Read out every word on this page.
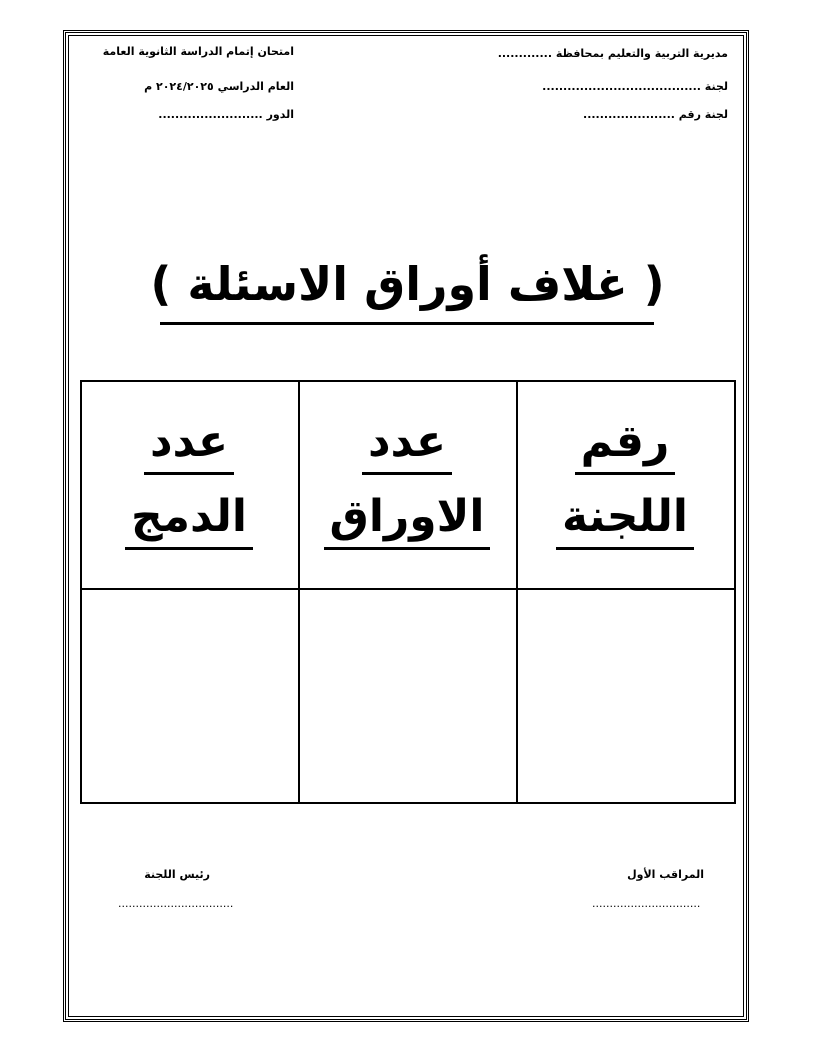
مديرية التربية والتعليم بمحافظة .............
لجنة ......................................
لجنة رقم ......................
امتحان إتمام الدراسة الثانوية العامة
العام الدراسي ٢٠٢٤/٢٠٢٥ م
الدور .........................
( غلاف أوراق الاسئلة )
رقم
اللجنة
عدد
الاوراق
عدد
الدمج
المراقب الأول
...............................
رئيس اللجنة
.................................
